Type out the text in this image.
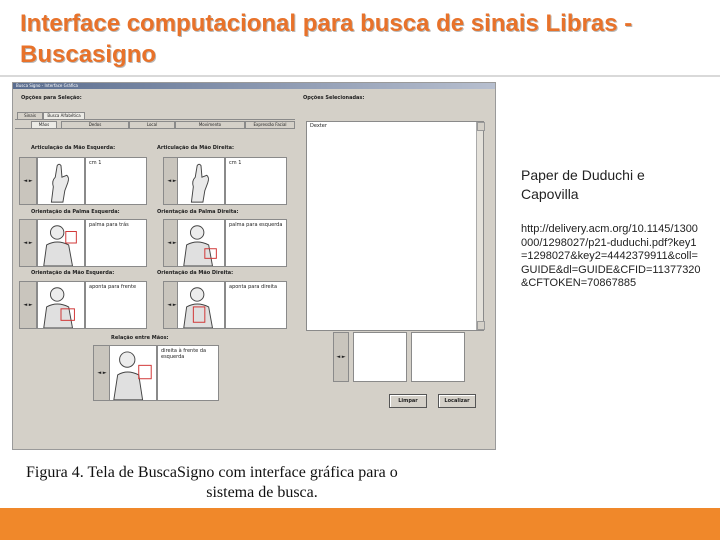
Interface computacional para busca de sinais Libras - Buscasigno
Busca Signo - Interface Gráfica
Opções para Seleção:	Opções Selecionadas:
Sinais	Busca Alfabética
Mãos	Dedos	Local	Movimento	Expressão Facial
Articulação da Mão Esquerda:
◄ ►
cm 1
Articulação da Mão Direita:
◄ ►
cm 1
Orientação da Palma Esquerda:
◄ ►
palma para trás
Orientação da Palma Direita:
◄ ►
palma para esquerda
Orientação da Mão Esquerda:
◄ ►
aponta para frente
Orientação da Mão Direita:
◄ ►
aponta para direita
Relação entre Mãos:
◄ ►
direita à frente da esquerda
Dexter
◄ ►
Limpar	Localizar
Figura 4. Tela de BuscaSigno com interface gráfica para o
sistema de busca.
Paper de Duduchi e Capovilla
http://delivery.acm.org/10.1145/1300000/1298027/p21-duduchi.pdf?key1=1298027&key2=4442379911&coll=GUIDE&dl=GUIDE&CFID=11377320&CFTOKEN=70867885
